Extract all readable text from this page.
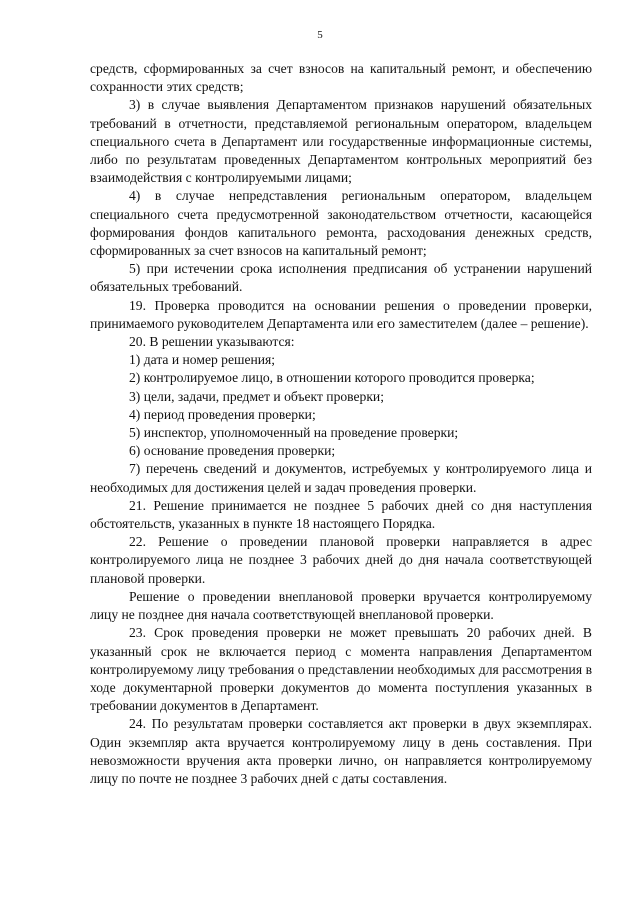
5

средств, сформированных за счет взносов на капитальный ремонт, и обеспечению сохранности этих средств;

3) в случае выявления Департаментом признаков нарушений обязательных требований в отчетности, представляемой региональным оператором, владельцем специального счета в Департамент или государственные информационные системы, либо по результатам проведенных Департаментом контрольных мероприятий без взаимодействия с контролируемыми лицами;

4) в случае непредставления региональным оператором, владельцем специального счета предусмотренной законодательством отчетности, касающейся формирования фондов капитального ремонта, расходования денежных средств, сформированных за счет взносов на капитальный ремонт;

5) при истечении срока исполнения предписания об устранении нарушений обязательных требований.

19. Проверка проводится на основании решения о проведении проверки, принимаемого руководителем Департамента или его заместителем (далее – решение).

20. В решении указываются:

1) дата и номер решения;

2) контролируемое лицо, в отношении которого проводится проверка;

3) цели, задачи, предмет и объект проверки;

4) период проведения проверки;

5) инспектор, уполномоченный на проведение проверки;

6) основание проведения проверки;

7) перечень сведений и документов, истребуемых у контролируемого лица и необходимых для достижения целей и задач проведения проверки.

21. Решение принимается не позднее 5 рабочих дней со дня наступления обстоятельств, указанных в пункте 18 настоящего Порядка.

22. Решение о проведении плановой проверки направляется в адрес контролируемого лица не позднее 3 рабочих дней до дня начала соответствующей плановой проверки.

Решение о проведении внеплановой проверки вручается контролируемому лицу не позднее дня начала соответствующей внеплановой проверки.

23. Срок проведения проверки не может превышать 20 рабочих дней. В указанный срок не включается период с момента направления Департаментом контролируемому лицу требования о представлении необходимых для рассмотрения в ходе документарной проверки документов до момента поступления указанных в требовании документов в Департамент.

24. По результатам проверки составляется акт проверки в двух экземплярах. Один экземпляр акта вручается контролируемому лицу в день составления. При невозможности вручения акта проверки лично, он направляется контролируемому лицу по почте не позднее 3 рабочих дней с даты составления.
